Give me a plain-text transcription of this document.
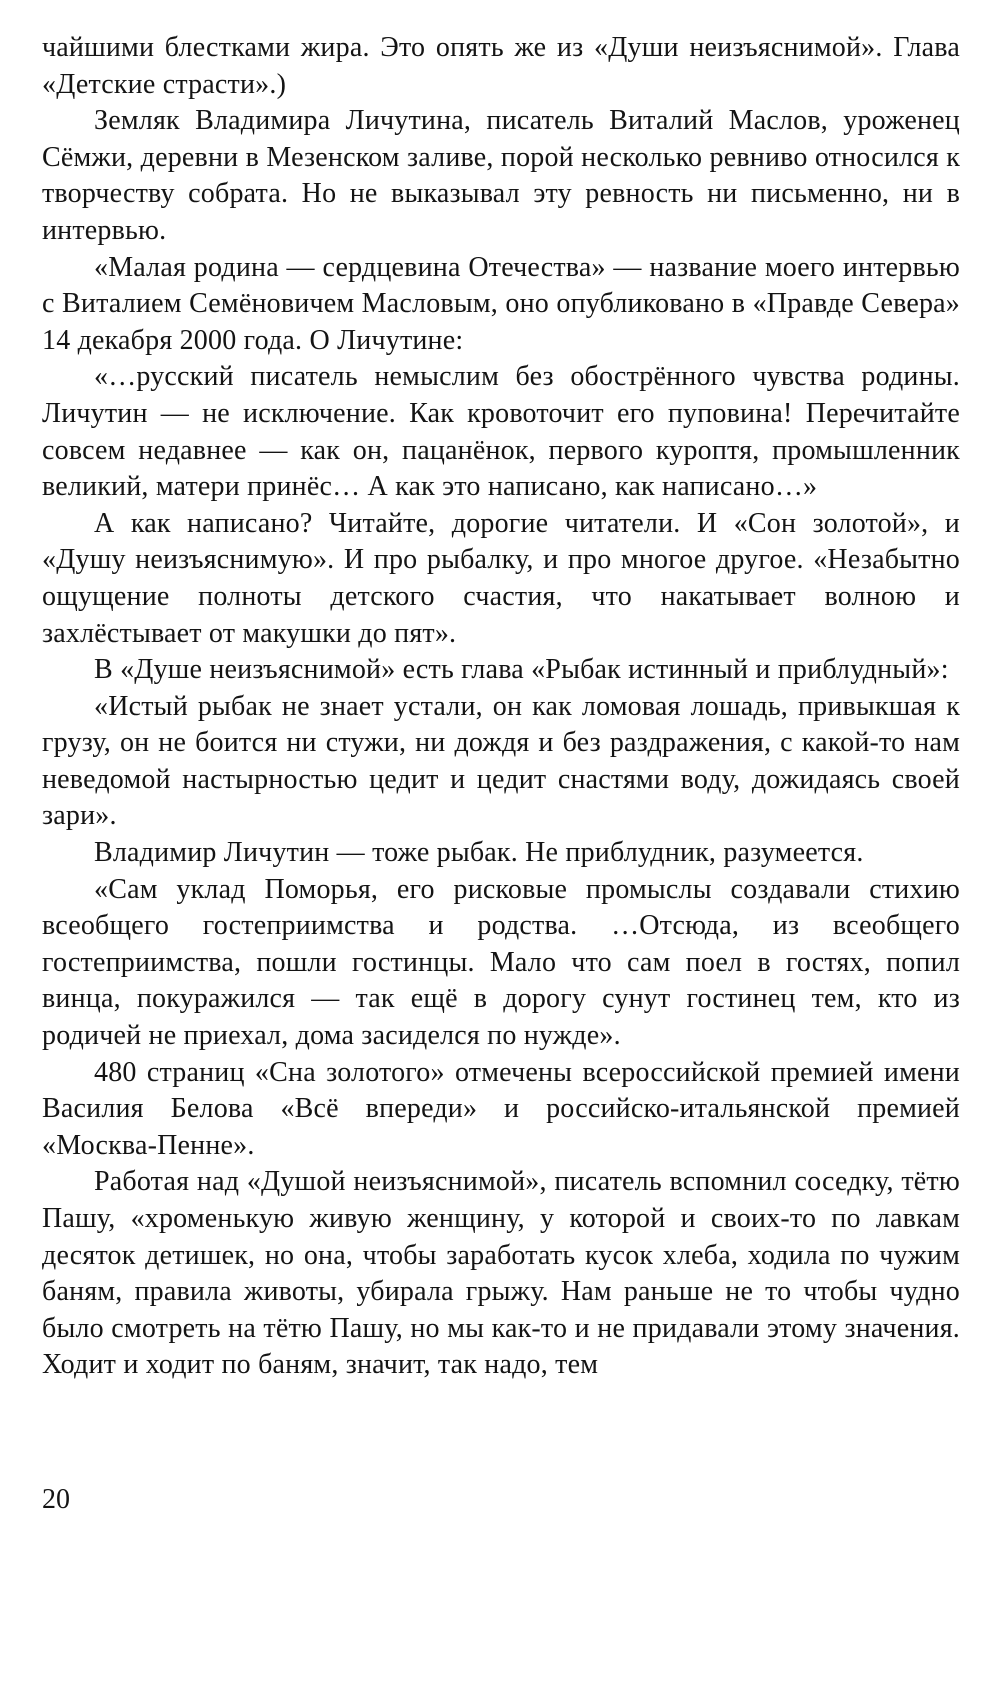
чайшими блестками жира. Это опять же из «Души неизъяснимой». Глава «Детские страсти».)

Земляк Владимира Личутина, писатель Виталий Маслов, уроженец Сёмжи, деревни в Мезенском заливе, порой несколько ревниво относился к творчеству собрата. Но не выказывал эту ревность ни письменно, ни в интервью.

«Малая родина — сердцевина Отечества» — название моего интервью с Виталием Семёновичем Масловым, оно опубликовано в «Правде Севера» 14 декабря 2000 года. О Личутине:

«…русский писатель немыслим без обострённого чувства родины. Личутин — не исключение. Как кровоточит его пуповина! Перечитайте совсем недавнее — как он, пацанёнок, первого куроптя, промышленник великий, матери принёс… А как это написано, как написано…»

А как написано? Читайте, дорогие читатели. И «Сон золотой», и «Душу неизъяснимую». И про рыбалку, и про многое другое. «Незабытно ощущение полноты детского счастия, что накатывает волною и захлёстывает от макушки до пят».

В «Душе неизъяснимой» есть глава «Рыбак истинный и приблудный»:

«Истый рыбак не знает устали, он как ломовая лошадь, привыкшая к грузу, он не боится ни стужи, ни дождя и без раздражения, с какой-то нам неведомой настырностью цедит и цедит снастями воду, дожидаясь своей зари».

Владимир Личутин — тоже рыбак. Не приблудник, разумеется.

«Сам уклад Поморья, его рисковые промыслы создавали стихию всеобщего гостеприимства и родства. …Отсюда, из всеобщего гостеприимства, пошли гостинцы. Мало что сам поел в гостях, попил винца, покуражился — так ещё в дорогу сунут гостинец тем, кто из родичей не приехал, дома засиделся по нужде».

480 страниц «Сна золотого» отмечены всероссийской премией имени Василия Белова «Всё впереди» и российско-итальянской премией «Москва-Пенне».

Работая над «Душой неизъяснимой», писатель вспомнил соседку, тётю Пашу, «хроменькую живую женщину, у которой и своих-то по лавкам десяток детишек, но она, чтобы заработать кусок хлеба, ходила по чужим баням, правила животы, убирала грыжу. Нам раньше не то чтобы чудно было смотреть на тётю Пашу, но мы как-то и не придавали этому значения. Ходит и ходит по баням, значит, так надо, тем

20
